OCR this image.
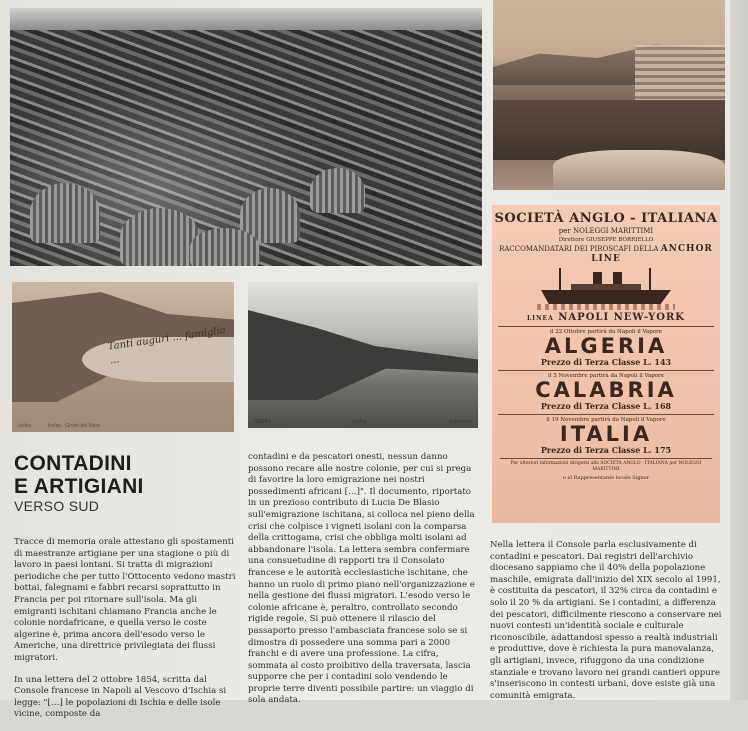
Tanti auguri ... famiglia ...
Ischia	Ischia - Grotte del Mare
ISCHIA	Lo Bar	Collezione
SOCIETÀ ANGLO - ITALIANA
per NOLEGGI MARITTIMI
Direttore GIUSEPPE BORRIELLO
RACCOMANDATARI DEI PIROSCAFI DELLA ANCHOR LINE
LINEA NAPOLI NEW-YORK
il 22 Ottobre partirà da Napoli il Vapore
ALGERIA
Prezzo di Terza Classe L. 143
il 5 Novembre partirà da Napoli il Vapore
CALABRIA
Prezzo di Terza Classe L. 168
il 19 Novembre partirà da Napoli il Vapore
ITALIA
Prezzo di Terza Classe L. 175
Per ulteriori informazioni dirigersi alla SOCIETÀ ANGLO - ITALIANA per NOLEGGI MARITTIMI
o al Rappresentante locale Signor
CONTADINI
E ARTIGIANI
VERSO SUD

Tracce di memoria orale attestano gli spostamenti di maestranze artigiane per una stagione o più di lavoro in paesi lontani. Si tratta di migrazioni periodiche che per tutto l'Ottocento vedono mastri bottai, falegnami e fabbri recarsi soprattutto in Francia per poi ritornare sull'isola. Ma gli emigranti ischitani chiamano Francia anche le colonie nordafricane, e quella verso le coste algerine è, prima ancora dell'esodo verso le Americhe, una direttrice privilegiata dei flussi migratori.

In una lettera del 2 ottobre 1854, scritta dal Console francese in Napoli al Vescovo d'Ischia si legge: "[…] le popolazioni di Ischia e delle isole vicine, composte da

contadini e da pescatori onesti, nessun danno possono recare alle nostre colonie, per cui si prega di favorire la loro emigrazione nei nostri possedimenti africani […]". Il documento, riportato in un prezioso contributo di Lucia De Blasio sull'emigrazione ischitana, si colloca nel pieno della crisi che colpisce i vigneti isolani con la comparsa della crittogama, crisi che obbliga molti isolani ad abbandonare l'isola. La lettera sembra confermare una consuetudine di rapporti tra il Consolato francese e le autorità ecclesiastiche ischitane, che hanno un ruolo di primo piano nell'organizzazione e nella gestione dei flussi migratori. L'esodo verso le colonie africane è, peraltro, controllato secondo rigide regole. Si può ottenere il rilascio del passaporto presso l'ambasciata francese solo se si dimostra di possedere una somma pari a 2000 franchi e di avere una professione. La cifra, sommata al costo proibitivo della traversata, lascia supporre che per i contadini solo vendendo le proprie terre diventi possibile partire: un viaggio di sola andata.

Nella lettera il Console parla esclusivamente di contadini e pescatori. Dai registri dell'archivio diocesano sappiamo che il 40% della popolazione maschile, emigrata dall'inizio del XIX secolo al 1991, è costituita da pescatori, il 32% circa da contadini e solo il 20 % da artigiani. Se i contadini, a differenza dei pescatori, difficilmente riescono a conservare nei nuovi contesti un'identità sociale e culturale riconoscibile, adattandosi spesso a realtà industriali e produttive, dove è richiesta la pura manovalanza, gli artigiani, invece, rifuggono da una condizione stanziale e trovano lavoro nei grandi cantieri oppure s'inseriscono in contesti urbani, dove esiste già una comunità emigrata.
